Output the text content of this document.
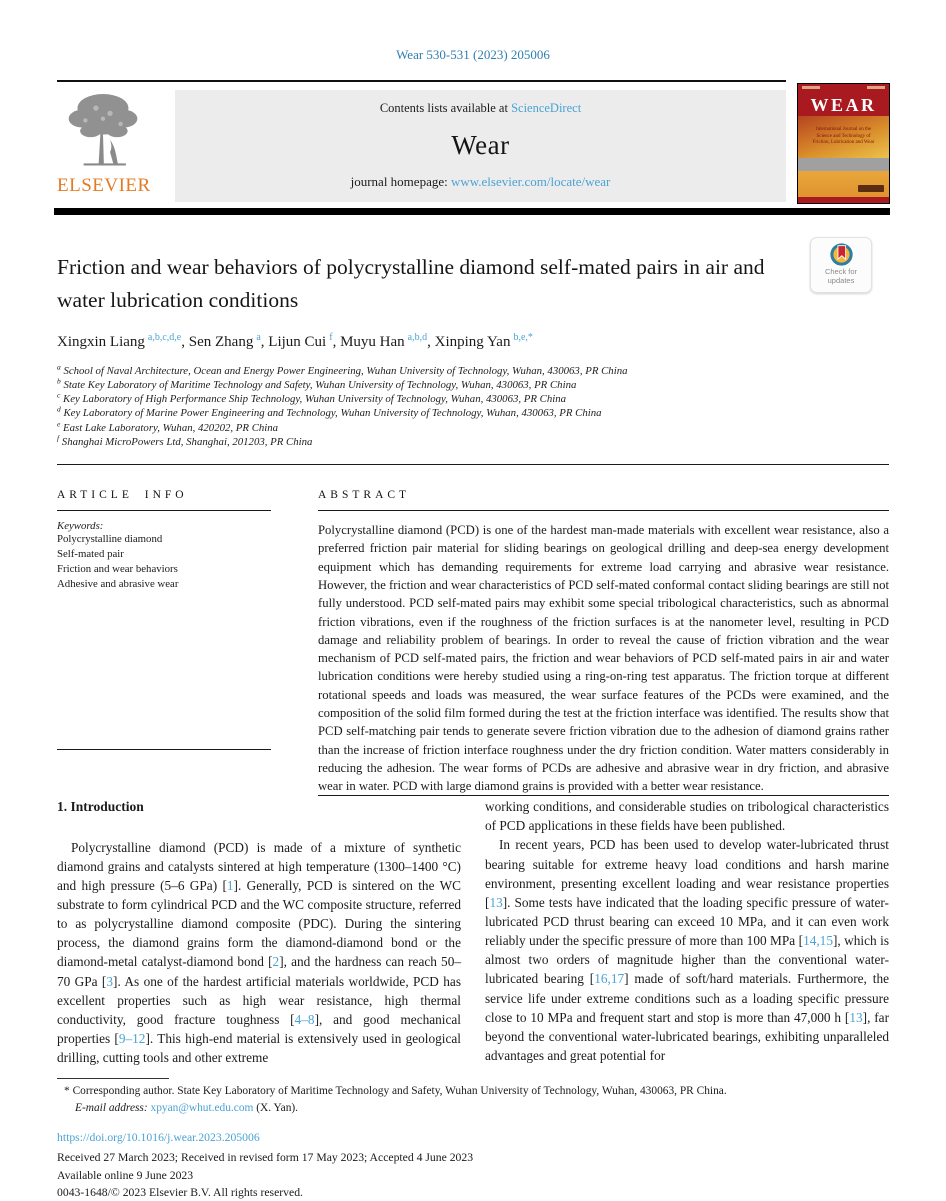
Wear 530-531 (2023) 205006
ELSEVIER
Contents lists available at ScienceDirect
Wear
journal homepage: www.elsevier.com/locate/wear
WEAR
International Journal on the Science and Technology of Friction, Lubrication and Wear
Friction and wear behaviors of polycrystalline diamond self-mated pairs in air and water lubrication conditions
Check for
updates
Xingxin Liang $^{a,b,c,d,e}$, Sen Zhang $^a$, Lijun Cui $^f$, Muyu Han $^{a,b,d}$, Xinping Yan $^{b,e,*}$
$^a$ School of Naval Architecture, Ocean and Energy Power Engineering, Wuhan University of Technology, Wuhan, 430063, PR China
$^b$ State Key Laboratory of Maritime Technology and Safety, Wuhan University of Technology, Wuhan, 430063, PR China
$^c$ Key Laboratory of High Performance Ship Technology, Wuhan University of Technology, Wuhan, 430063, PR China
$^d$ Key Laboratory of Marine Power Engineering and Technology, Wuhan University of Technology, Wuhan, 430063, PR China
$^e$ East Lake Laboratory, Wuhan, 420202, PR China
$^f$ Shanghai MicroPowers Ltd, Shanghai, 201203, PR China
ARTICLE INFO
Keywords:
Polycrystalline diamond
Self-mated pair
Friction and wear behaviors
Adhesive and abrasive wear
ABSTRACT
Polycrystalline diamond (PCD) is one of the hardest man-made materials with excellent wear resistance, also a preferred friction pair material for sliding bearings on geological drilling and deep-sea energy development equipment which has demanding requirements for extreme load carrying and abrasive wear resistance. However, the friction and wear characteristics of PCD self-mated conformal contact sliding bearings are still not fully understood. PCD self-mated pairs may exhibit some special tribological characteristics, such as abnormal friction vibrations, even if the roughness of the friction surfaces is at the nanometer level, resulting in PCD damage and reliability problem of bearings. In order to reveal the cause of friction vibration and the wear mechanism of PCD self-mated pairs, the friction and wear behaviors of PCD self-mated pairs in air and water lubrication conditions were hereby studied using a ring-on-ring test apparatus. The friction torque at different rotational speeds and loads was measured, the wear surface features of the PCDs were examined, and the composition of the solid film formed during the test at the friction interface was identified. The results show that PCD self-matching pair tends to generate severe friction vibration due to the adhesion of diamond grains rather than the increase of friction interface roughness under the dry friction condition. Water matters considerably in reducing the adhesion. The wear forms of PCDs are adhesive and abrasive wear in dry friction, and abrasive wear in water. PCD with large diamond grains is provided with a better wear resistance.
1. Introduction

Polycrystalline diamond (PCD) is made of a mixture of synthetic diamond grains and catalysts sintered at high temperature (1300–1400 °C) and high pressure (5–6 GPa) [1]. Generally, PCD is sintered on the WC substrate to form cylindrical PCD and the WC composite structure, referred to as polycrystalline diamond composite (PDC). During the sintering process, the diamond grains form the diamond-diamond bond or the diamond-metal catalyst-diamond bond [2], and the hardness can reach 50–70 GPa [3]. As one of the hardest artificial materials worldwide, PCD has excellent properties such as high wear resistance, high thermal conductivity, good fracture toughness [4–8], and good mechanical properties [9–12]. This high-end material is extensively used in geological drilling, cutting tools and other extreme

working conditions, and considerable studies on tribological characteristics of PCD applications in these fields have been published.

In recent years, PCD has been used to develop water-lubricated thrust bearing suitable for extreme heavy load conditions and harsh marine environment, presenting excellent loading and wear resistance properties [13]. Some tests have indicated that the loading specific pressure of water-lubricated PCD thrust bearing can exceed 10 MPa, and it can even work reliably under the specific pressure of more than 100 MPa [14,15], which is almost two orders of magnitude higher than the conventional water-lubricated bearing [16,17] made of soft/hard materials. Furthermore, the service life under extreme conditions such as a loading specific pressure close to 10 MPa and frequent start and stop is more than 47,000 h [13], far beyond the conventional water-lubricated bearings, exhibiting unparalleled advantages and great potential for

* Corresponding author. State Key Laboratory of Maritime Technology and Safety, Wuhan University of Technology, Wuhan, 430063, PR China.
E-mail address: xpyan@whut.edu.com (X. Yan).
https://doi.org/10.1016/j.wear.2023.205006
Received 27 March 2023; Received in revised form 17 May 2023; Accepted 4 June 2023
Available online 9 June 2023
0043-1648/© 2023 Elsevier B.V. All rights reserved.
